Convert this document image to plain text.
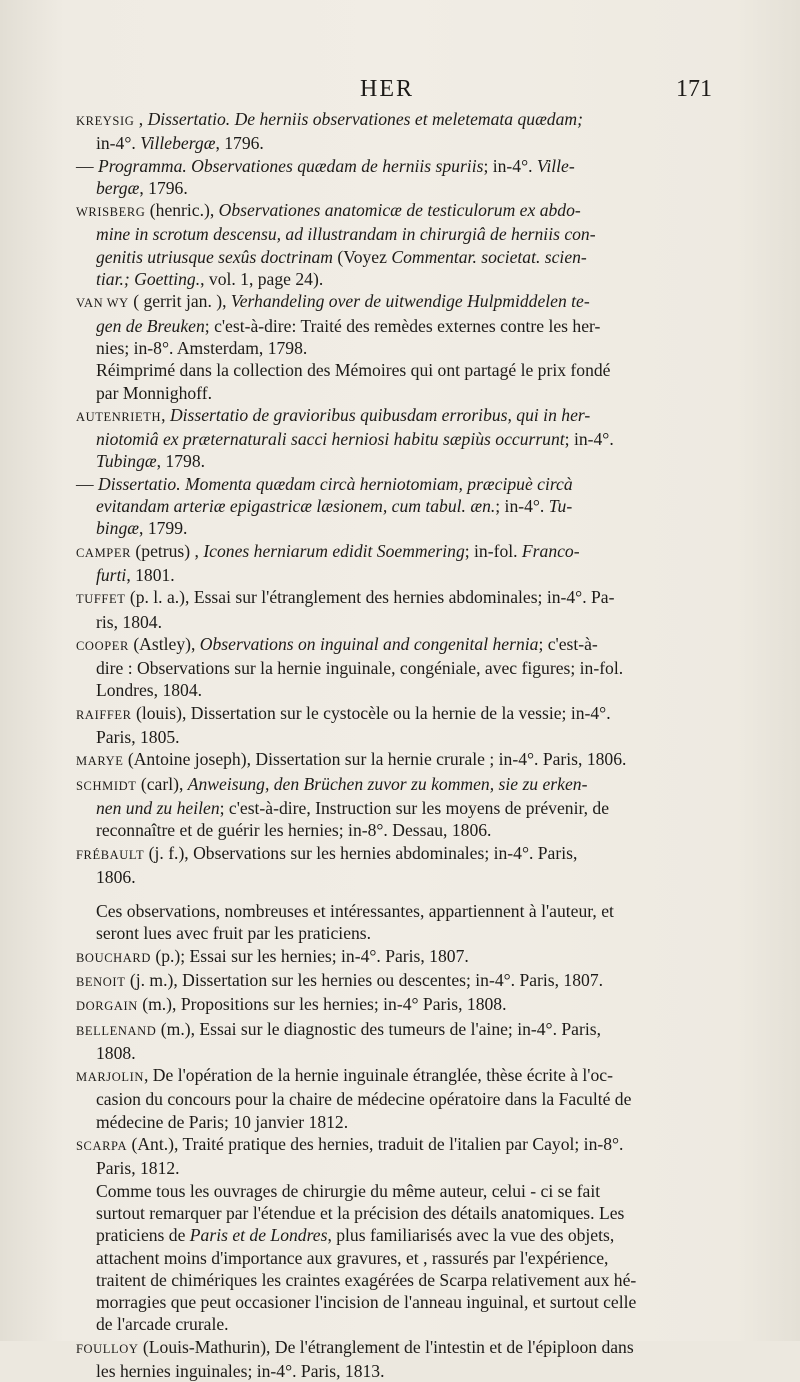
HER	171
KREYSIG , Dissertatio. De herniis observationes et meletemata quædam;
in-4°. Villebergæ, 1796.
— Programma. Observationes quædam de herniis spuriis; in-4°. Ville-
bergæ, 1796.
WRISBERG (henric.), Observationes anatomicæ de testiculorum ex abdo-
mine in scrotum descensu, ad illustrandam in chirurgiâ de herniis con-
genitis utriusque sexûs doctrinam (Voyez Commentar. societat. scien-
tiar.; Goetting., vol. 1, page 24).
VAN WY ( gerrit jan. ), Verhandeling over de uitwendige Hulpmiddelen te-
gen de Breuken; c'est-à-dire: Traité des remèdes externes contre les her-
nies; in-8°. Amsterdam, 1798.
Réimprimé dans la collection des Mémoires qui ont partagé le prix fondé
par Monnighoff.
AUTENRIETH, Dissertatio de gravioribus quibusdam erroribus, qui in her-
niotomiâ ex præternaturali sacci herniosi habitu sæpiùs occurrunt; in-4°.
Tubingæ, 1798.
— Dissertatio. Momenta quædam circà herniotomiam, præcipuè circà
evitandam arteriæ epigastricæ læsionem, cum tabul. æn.; in-4°. Tu-
bingæ, 1799.
CAMPER (petrus) , Icones herniarum edidit Soemmering; in-fol. Franco-
furti, 1801.
TUFFET (p. l. a.), Essai sur l'étranglement des hernies abdominales; in-4°. Pa-
ris, 1804.
COOPER (Astley), Observations on inguinal and congenital hernia; c'est-à-
dire : Observations sur la hernie inguinale, congéniale, avec figures; in-fol.
Londres, 1804.
RAIFFER (louis), Dissertation sur le cystocèle ou la hernie de la vessie; in-4°.
Paris, 1805.
MARYE (Antoine joseph), Dissertation sur la hernie crurale ; in-4°. Paris, 1806.
SCHMIDT (carl), Anweisung, den Brüchen zuvor zu kommen, sie zu erken-
nen und zu heilen; c'est-à-dire, Instruction sur les moyens de prévenir, de
reconnaître et de guérir les hernies; in-8°. Dessau, 1806.
FRÉBAULT (j. f.), Observations sur les hernies abdominales; in-4°. Paris,
1806.
Ces observations, nombreuses et intéressantes, appartiennent à l'auteur, et
seront lues avec fruit par les praticiens.
BOUCHARD (p.); Essai sur les hernies; in-4°. Paris, 1807.
BENOIT (j. m.), Dissertation sur les hernies ou descentes; in-4°. Paris, 1807.
DORGAIN (m.), Propositions sur les hernies; in-4° Paris, 1808.
BELLENAND (m.), Essai sur le diagnostic des tumeurs de l'aine; in-4°. Paris,
1808.
MARJOLIN, De l'opération de la hernie inguinale étranglée, thèse écrite à l'oc-
casion du concours pour la chaire de médecine opératoire dans la Faculté de
médecine de Paris; 10 janvier 1812.
SCARPA (Ant.), Traité pratique des hernies, traduit de l'italien par Cayol; in-8°.
Paris, 1812.
Comme tous les ouvrages de chirurgie du même auteur, celui - ci se fait
surtout remarquer par l'étendue et la précision des détails anatomiques. Les
praticiens de Paris et de Londres, plus familiarisés avec la vue des objets,
attachent moins d'importance aux gravures, et , rassurés par l'expérience,
traitent de chimériques les craintes exagérées de Scarpa relativement aux hé-
morragies que peut occasioner l'incision de l'anneau inguinal, et surtout celle
de l'arcade crurale.
FOULLOY (Louis-Mathurin), De l'étranglement de l'intestin et de l'épiploon dans
les hernies inguinales; in-4°. Paris, 1813.
